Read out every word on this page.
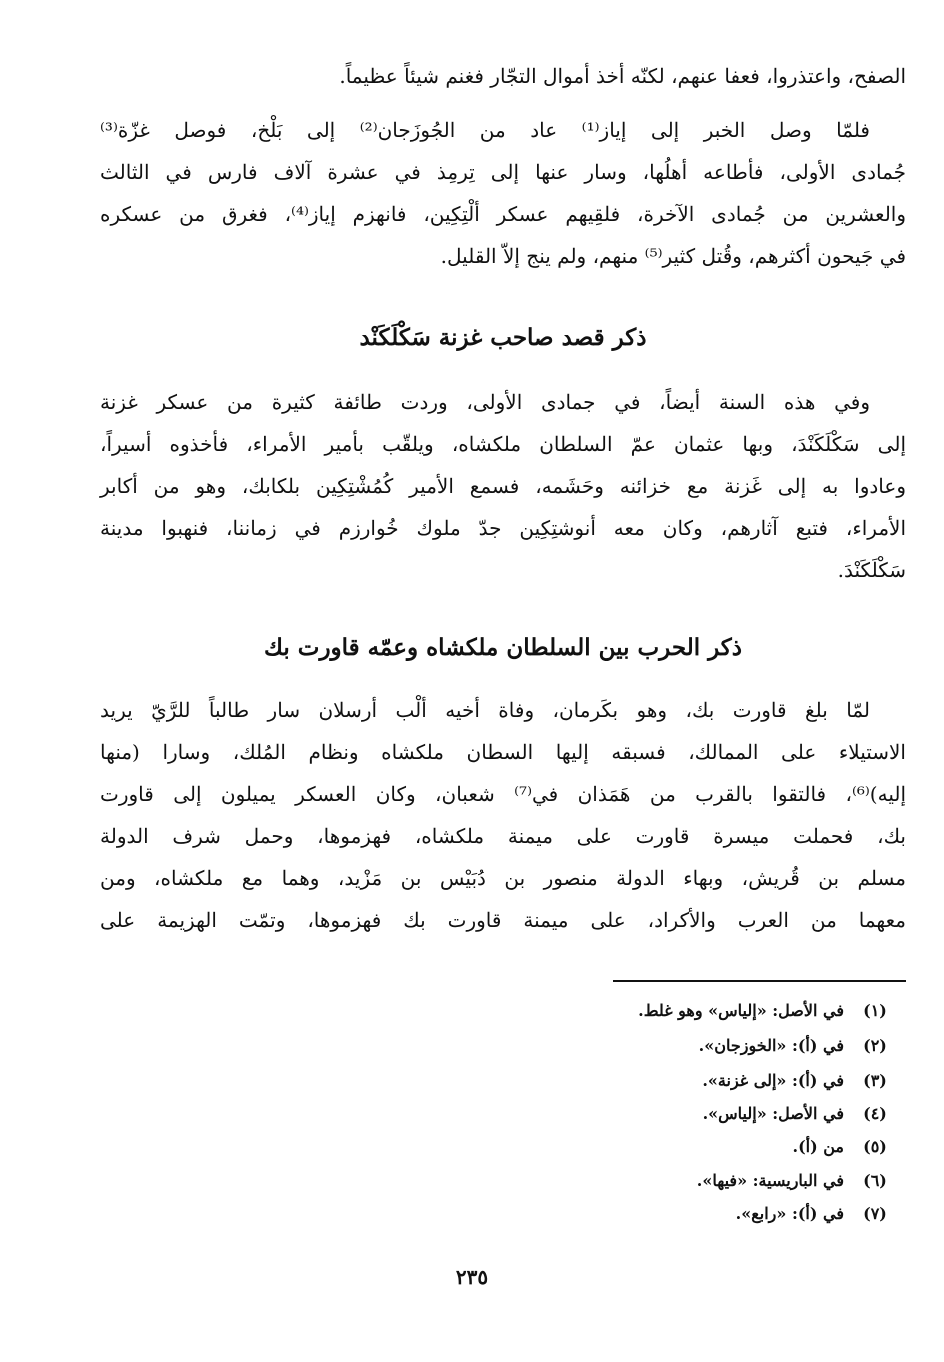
الصفح، واعتذروا، فعفا عنهم، لكنّه أخذ أموال التجّار فغنم شيئاً عظيماً.
فلمّا وصل الخبر إلى إياز⁽¹⁾ عاد من الجُوزَجان⁽²⁾ إلى بَلْخ، فوصل غزّة⁽³⁾
جُمادى الأولى، فأطاعه أهلُها، وسار عنها إلى تِرمِذ في عشرة آلاف فارس في الثالث
والعشرين من جُمادى الآخرة، فلقِيهم عسكر ألْتِكِين، فانهزم إياز⁽⁴⁾، فغرق من عسكره
في جَيحون أكثرهم، وقُتل كثير⁽⁵⁾ منهم، ولم ينج إلاّ القليل.
ذكر قصد صاحب غزنة سَكْلَكَنْد
وفي هذه السنة أيضاً، في جمادى الأولى، وردت طائفة كثيرة من عسكر غزنة
إلى سَكْلَكَنْدَ، وبها عثمان عمّ السلطان ملكشاه، ويلقّب بأمير الأمراء، فأخذوه أسيراً،
وعادوا به إلى غَزنة مع خزائنه وحَشَمه، فسمع الأمير كُمُشْتِكِين بلكابك، وهو من أكابر
الأمراء، فتبع آثارهم، وكان معه أنوشتِكِين جدّ ملوك خُوارزم في زماننا، فنهبوا مدينة
سَكْلَكَنْدَ.
ذكر الحرب بين السلطان ملكشاه وعمّه قاورت بك
لمّا بلغ قاورت بك، وهو بكَرمان، وفاة أخيه ألْب أرسلان سار طالباً للرَّيّ يريد
الاستيلاء على الممالك، فسبقه إليها السطان ملكشاه ونظام المُلك، وسارا (منها
إليه)⁽⁶⁾، فالتقوا بالقرب من هَمَذان في⁽⁷⁾ شعبان، وكان العسكر يميلون إلى قاورت
بك، فحملت ميسرة قاورت على ميمنة ملكشاه، فهزموها، وحمل شرف الدولة
مسلم بن قُريش، وبهاء الدولة منصور بن دُبَيْس بن مَزْيد، وهما مع ملكشاه، ومن
معهما من العرب والأكراد، على ميمنة قاورت بك فهزموها، وتمّت الهزيمة على
(١)
في الأصل: «إلياس» وهو غلط.
(٢)
في (أ): «الخوزجان».
(٣)
في (أ): «إلى غزنة».
(٤)
في الأصل: «إلياس».
(٥)
من (أ).
(٦)
في الباريسية: «فيها».
(٧)
في (أ): «رابع».
٢٣٥
